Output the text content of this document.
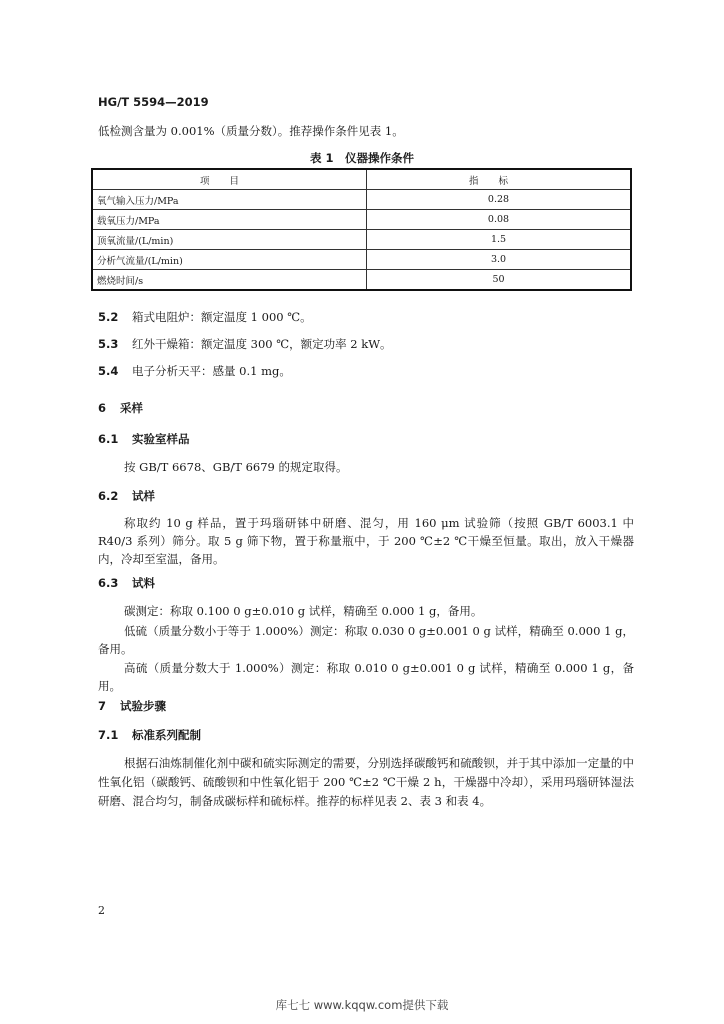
HG/T 5594—2019
低检测含量为 0.001%（质量分数）。推荐操作条件见表 1。
表 1　仪器操作条件
项目	指标
氧气输入压力/MPa	0.28
载氧压力/MPa	0.08
顶氧流量/(L/min)	1.5
分析气流量/(L/min)	3.0
燃烧时间/s	50
5.2 箱式电阻炉：额定温度 1 000 ℃。
5.3 红外干燥箱：额定温度 300 ℃，额定功率 2 kW。
5.4 电子分析天平：感量 0.1 mg。
6 采样
6.1 实验室样品
按 GB/T 6678、GB/T 6679 的规定取得。
6.2 试样
称取约 10 g 样品，置于玛瑙研钵中研磨、混匀，用 160 μm 试验筛（按照 GB/T 6003.1 中 R40/3 系列）筛分。取 5 g 筛下物，置于称量瓶中，于 200 ℃±2 ℃干燥至恒量。取出，放入干燥器内，冷却至室温，备用。
6.3 试料
碳测定：称取 0.100 0 g±0.010 g 试样，精确至 0.000 1 g，备用。
低硫（质量分数小于等于 1.000%）测定：称取 0.030 0 g±0.001 0 g 试样，精确至 0.000 1 g，备用。
高硫（质量分数大于 1.000%）测定：称取 0.010 0 g±0.001 0 g 试样，精确至 0.000 1 g，备用。
7 试验步骤
7.1 标准系列配制
根据石油炼制催化剂中碳和硫实际测定的需要，分别选择碳酸钙和硫酸钡，并于其中添加一定量的中性氧化铝（碳酸钙、硫酸钡和中性氧化铝于 200 ℃±2 ℃干燥 2 h，干燥器中冷却），采用玛瑙研钵湿法研磨、混合均匀，制备成碳标样和硫标样。推荐的标样见表 2、表 3 和表 4。
2
库七七 www.kqqw.com提供下载
